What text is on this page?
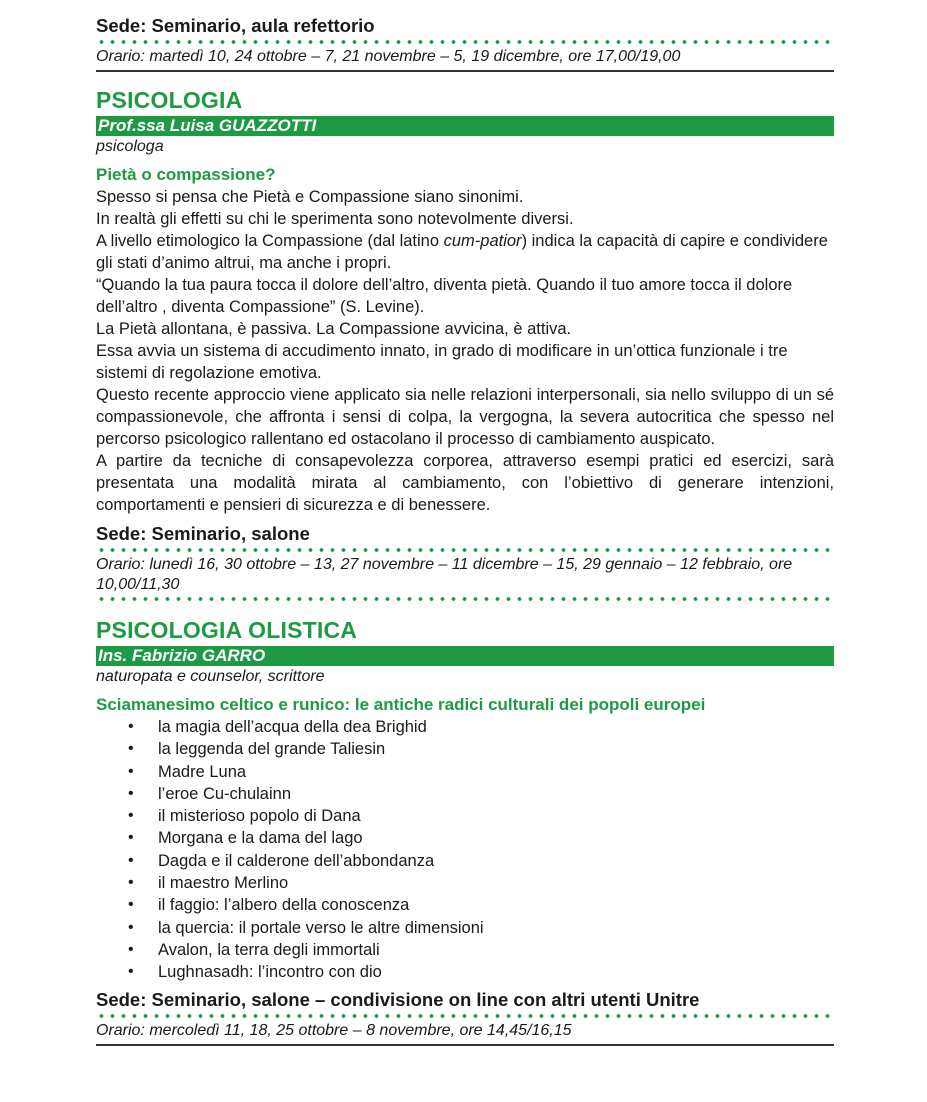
Sede: Seminario, aula refettorio

Orario: martedì 10, 24 ottobre – 7, 21 novembre – 5, 19 dicembre, ore 17,00/19,00

PSICOLOGIA
Prof.ssa Luisa GUAZZOTTI

psicologa

Pietà o compassione?

Spesso si pensa che Pietà e Compassione siano sinonimi.

In realtà gli effetti su chi le sperimenta sono notevolmente diversi.

A livello etimologico la Compassione (dal latino cum-patior) indica la capacità di capire e condividere gli stati d’animo altrui, ma anche i propri.

“Quando la tua paura tocca il dolore dell’altro, diventa pietà. Quando il tuo amore tocca il dolore dell’altro , diventa Compassione” (S. Levine).

La Pietà allontana, è passiva. La Compassione avvicina, è attiva.

Essa avvia un sistema di accudimento innato, in grado di modificare in un’ottica funzionale i tre sistemi di regolazione emotiva.

Questo recente approccio viene applicato sia nelle relazioni interpersonali, sia nello sviluppo di un sé compassionevole, che affronta i sensi di colpa, la vergogna, la severa autocritica che spesso nel percorso psicologico rallentano ed ostacolano il processo di cambiamento auspicato.

A partire da tecniche di consapevolezza corporea, attraverso esempi pratici ed esercizi, sarà presentata una modalità mirata al cambiamento, con l’obiettivo di generare intenzioni, comportamenti e pensieri di sicurezza e di benessere.

Sede: Seminario, salone

Orario: lunedì 16, 30 ottobre – 13, 27 novembre – 11 dicembre – 15, 29 gennaio – 12 febbraio, ore 10,00/11,30

PSICOLOGIA OLISTICA
Ins. Fabrizio GARRO

naturopata e counselor, scrittore

Sciamanesimo celtico e runico: le antiche radici culturali dei popoli europei

• la magia dell’acqua della dea Brighid
• la leggenda del grande Taliesin
• Madre Luna
• l’eroe Cu-chulainn
• il misterioso popolo di Dana
• Morgana e la dama del lago
• Dagda e il calderone dell’abbondanza
• il maestro Merlino
• il faggio: l’albero della conoscenza
• la quercia: il portale verso le altre dimensioni
• Avalon, la terra degli immortali
• Lughnasadh: l’incontro con dio

Sede: Seminario, salone – condivisione on line con altri utenti Unitre

Orario: mercoledì 11, 18, 25 ottobre – 8 novembre, ore 14,45/16,15
